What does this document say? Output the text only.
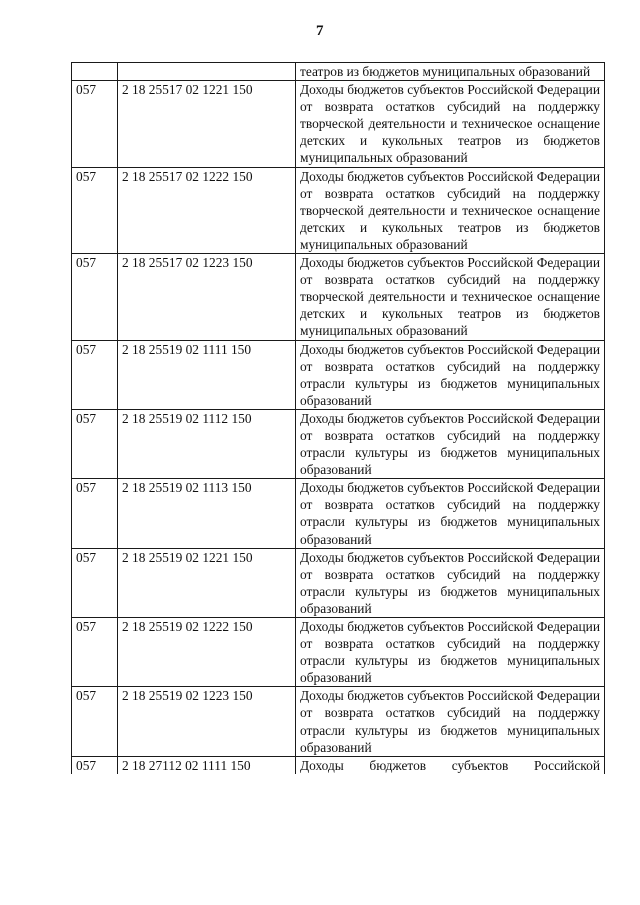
7
		театров из бюджетов муниципальных образований
057	2 18 25517 02 1221 150	Доходы бюджетов субъектов Российской Федерации от возврата остатков субсидий на поддержку творческой деятельности и техническое оснащение детских и кукольных театров из бюджетов муниципальных образований
057	2 18 25517 02 1222 150	Доходы бюджетов субъектов Российской Федерации от возврата остатков субсидий на поддержку творческой деятельности и техническое оснащение детских и кукольных театров из бюджетов муниципальных образований
057	2 18 25517 02 1223 150	Доходы бюджетов субъектов Российской Федерации от возврата остатков субсидий на поддержку творческой деятельности и техническое оснащение детских и кукольных театров из бюджетов муниципальных образований
057	2 18 25519 02 1111 150	Доходы бюджетов субъектов Российской Федерации от возврата остатков субсидий на поддержку отрасли культуры из бюджетов муниципальных образований
057	2 18 25519 02 1112 150	Доходы бюджетов субъектов Российской Федерации от возврата остатков субсидий на поддержку отрасли культуры из бюджетов муниципальных образований
057	2 18 25519 02 1113 150	Доходы бюджетов субъектов Российской Федерации от возврата остатков субсидий на поддержку отрасли культуры из бюджетов муниципальных образований
057	2 18 25519 02 1221 150	Доходы бюджетов субъектов Российской Федерации от возврата остатков субсидий на поддержку отрасли культуры из бюджетов муниципальных образований
057	2 18 25519 02 1222 150	Доходы бюджетов субъектов Российской Федерации от возврата остатков субсидий на поддержку отрасли культуры из бюджетов муниципальных образований
057	2 18 25519 02 1223 150	Доходы бюджетов субъектов Российской Федерации от возврата остатков субсидий на поддержку отрасли культуры из бюджетов муниципальных образований
057	2 18 27112 02 1111 150	Доходы бюджетов субъектов Российской
